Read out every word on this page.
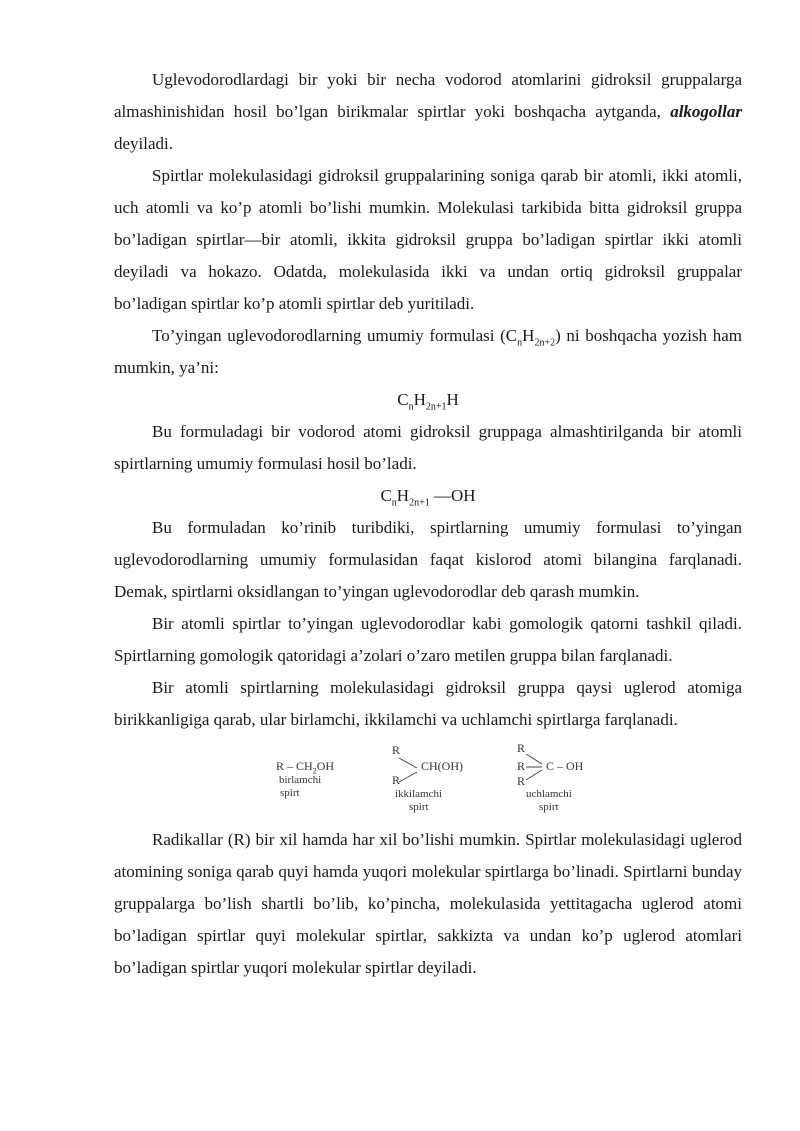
Uglevodorodlardagi bir yoki bir necha vodorod atomlarini gidroksil gruppalarga almashinishidan hosil bo’lgan birikmalar spirtlar yoki boshqacha aytganda, alkogollar deyiladi.

Spirtlar molekulasidagi gidroksil gruppalarining soniga qarab bir atomli, ikki atomli, uch atomli va ko’p atomli bo’lishi mumkin. Molekulasi tarkibida bitta gidroksil gruppa bo’ladigan spirtlar—bir atomli, ikkita gidroksil gruppa bo’ladigan spirtlar ikki atomli deyiladi va hokazo. Odatda, molekulasida ikki va undan ortiq gidroksil gruppalar bo’ladigan spirtlar ko’p atomli spirtlar deb yuritiladi.

To’yingan uglevodorodlarning umumiy formulasi $(C_nH_{2n+2})$ ni boshqacha yozish ham mumkin, ya’ni:

$C_nH_{2n+1}H$

Bu formuladagi bir vodorod atomi gidroksil gruppaga almashtirilganda bir atomli spirtlarning umumiy formulasi hosil bo’ladi.

$C_nH_{2n+1}$ —OH

Bu formuladan ko’rinib turibdiki, spirtlarning umumiy formulasi to’yingan uglevodorodlarning umumiy formulasidan faqat kislorod atomi bilangina farqlanadi. Demak, spirtlarni oksidlangan to’yingan uglevodorodlar deb qarash mumkin.

Bir atomli spirtlar to’yingan uglevodorodlar kabi gomologik qatorni tashkil qiladi. Spirtlarning gomologik qatoridagi a’zolari o’zaro metilen gruppa bilan farqlanadi.

Bir atomli spirtlarning molekulasidagi gidroksil gruppa qaysi uglerod atomiga birikkanligiga qarab, ular birlamchi, ikkilamchi va uchlamchi spirtlarga farqlanadi.

R – $CH_2OH$
birlamchi
spirt
R
CH(OH)
R
ikkilamchi
spirt
R
R C – OH
R
uchlamchi
spirt

Radikallar (R) bir xil hamda har xil bo’lishi mumkin. Spirtlar molekulasidagi uglerod atomining soniga qarab quyi hamda yuqori molekular spirtlarga bo’linadi. Spirtlarni bunday gruppalarga bo’lish shartli bo’lib, ko’pincha, molekulasida yettitagacha uglerod atomi bo’ladigan spirtlar quyi molekular spirtlar, sakkizta va undan ko’p uglerod atomlari bo’ladigan spirtlar yuqori molekular spirtlar deyiladi.
